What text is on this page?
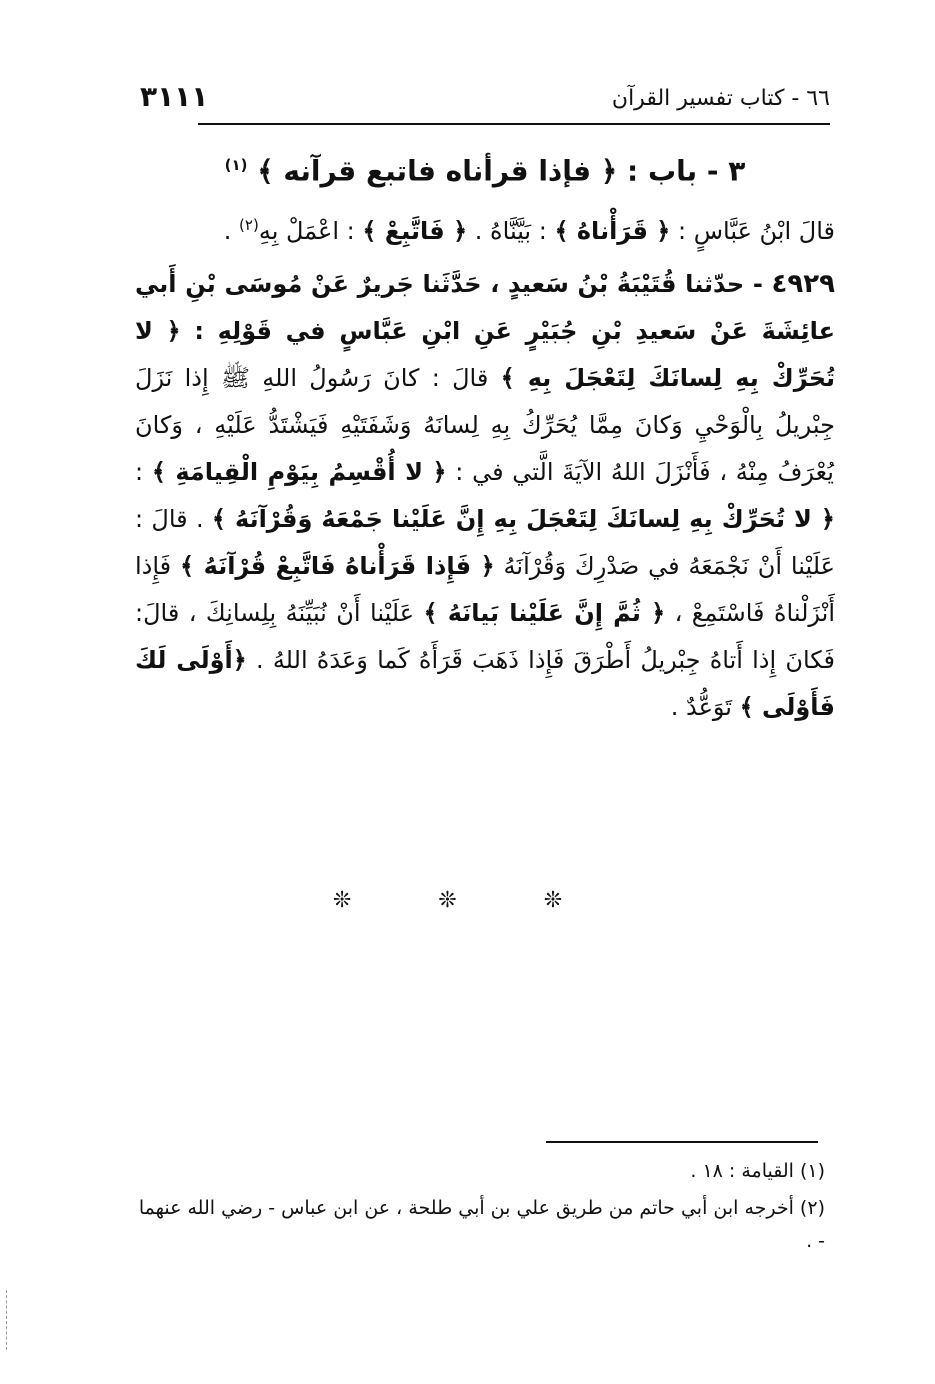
٦٦ - كتاب تفسير القرآن
٣١١١
٣ - باب : ﴿ فإذا قرأناه فاتبع قرآنه ﴾ $^{(١)}$

قالَ ابْنُ عَبَّاسٍ : ﴿ قَرَأْناهُ ﴾ : بَيَّنَّاهُ . ﴿ فَاتَّبِعْ ﴾ : اعْمَلْ بِهِ$^{(٢)}$ .

٤٩٢٩ - حدّثنا قُتَيْبَةُ بْنُ سَعيدٍ ، حَدَّثَنا جَريرٌ عَنْ مُوسَى بْنِ أَبي عائِشَةَ عَنْ سَعيدِ بْنِ جُبَيْرٍ عَنِ ابْنِ عَبَّاسٍ في قَوْلِهِ : ﴿ لا تُحَرِّكْ بِهِ لِسانَكَ لِتَعْجَلَ بِهِ ﴾ قالَ : كانَ رَسُولُ اللهِ ﷺ إِذا نَزَلَ جِبْريلُ بِالْوَحْيِ وَكانَ مِمَّا يُحَرِّكُ بِهِ لِسانَهُ وَشَفَتَيْهِ فَيَشْتَدُّ عَلَيْهِ ، وَكانَ يُعْرَفُ مِنْهُ ، فَأَنْزَلَ اللهُ الآيَةَ الَّتي في : ﴿ لا أُقْسِمُ بِيَوْمِ الْقِيامَةِ ﴾ : ﴿ لا تُحَرِّكْ بِهِ لِسانَكَ لِتَعْجَلَ بِهِ إِنَّ عَلَيْنا جَمْعَهُ وَقُرْآنَهُ ﴾ . قالَ : عَلَيْنا أَنْ نَجْمَعَهُ في صَدْرِكَ وَقُرْآنَهُ ﴿ فَإِذا قَرَأْناهُ فَاتَّبِعْ قُرْآنَهُ ﴾ فَإِذا أَنْزَلْناهُ فَاسْتَمِعْ ، ﴿ ثُمَّ إِنَّ عَلَيْنا بَيانَهُ ﴾ عَلَيْنا أَنْ نُبَيِّنَهُ بِلِسانِكَ ، قالَ: فَكانَ إِذا أَتاهُ جِبْريلُ أَطْرَقَ فَإِذا ذَهَبَ قَرَأَهُ كَما وَعَدَهُ اللهُ . ﴿أَوْلَى لَكَ فَأَوْلَى ﴾ تَوَعُّدٌ .

❊ ❊ ❊

(١) القيامة : ١٨ .

(٢) أخرجه ابن أبي حاتم من طريق علي بن أبي طلحة ، عن ابن عباس - رضي الله عنهما - .
